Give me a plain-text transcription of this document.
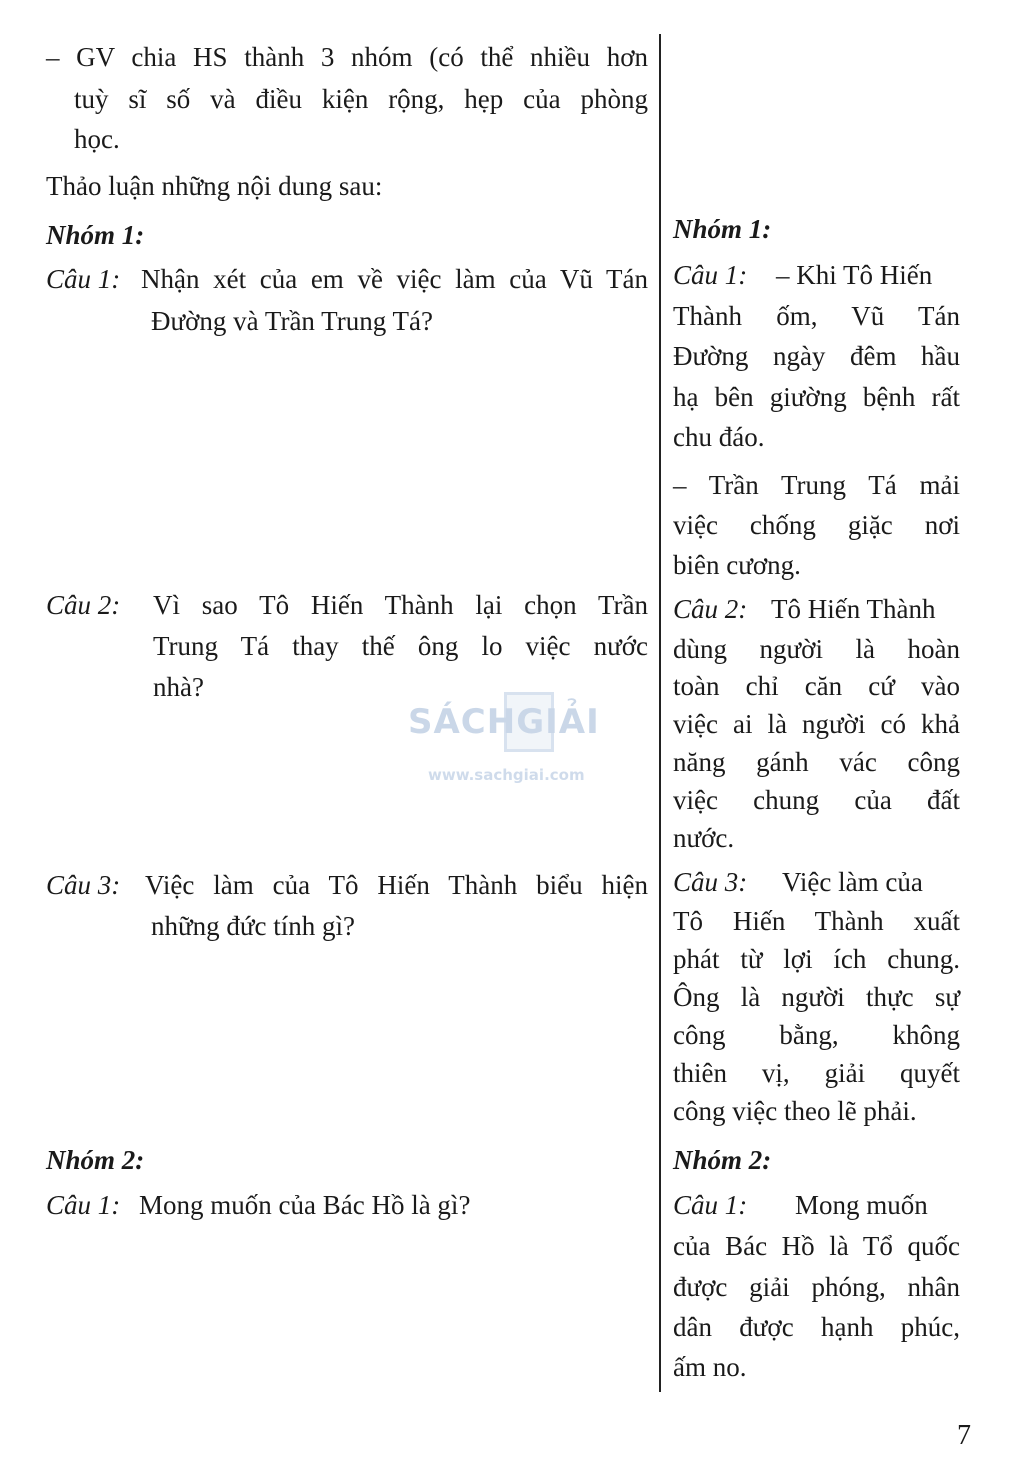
– GV chia HS thành 3 nhóm (có thể nhiều hơn
tuỳ sĩ số và điều kiện rộng, hẹp của phòng
học.
Thảo luận những nội dung sau:
Nhóm 1:
Câu 1: Nhận xét của em về việc làm của Vũ Tán
Đường và Trần Trung Tá?
Câu 2: Vì sao Tô Hiến Thành lại chọn Trần
Trung Tá thay thế ông lo việc nước
nhà?
Câu 3: Việc làm của Tô Hiến Thành biểu hiện
những đức tính gì?
Nhóm 2:
Câu 1: Mong muốn của Bác Hồ là gì?
SÁCHGIẢI
www.sachgiai.com
Nhóm 1:
Câu 1: – Khi Tô Hiến
Thành ốm, Vũ Tán
Đường ngày đêm hầu
hạ bên giường bệnh rất
chu đáo.
– Trần Trung Tá mải
việc chống giặc nơi
biên cương.
Câu 2: Tô Hiến Thành
dùng người là hoàn
toàn chỉ căn cứ vào
việc ai là người có khả
năng gánh vác công
việc chung của đất
nước.
Câu 3: Việc làm của
Tô Hiến Thành xuất
phát từ lợi ích chung.
Ông là người thực sự
công bằng, không
thiên vị, giải quyết
công việc theo lẽ phải.
Nhóm 2:
Câu 1: Mong muốn
của Bác Hồ là Tổ quốc
được giải phóng, nhân
dân được hạnh phúc,
ấm no.
7
